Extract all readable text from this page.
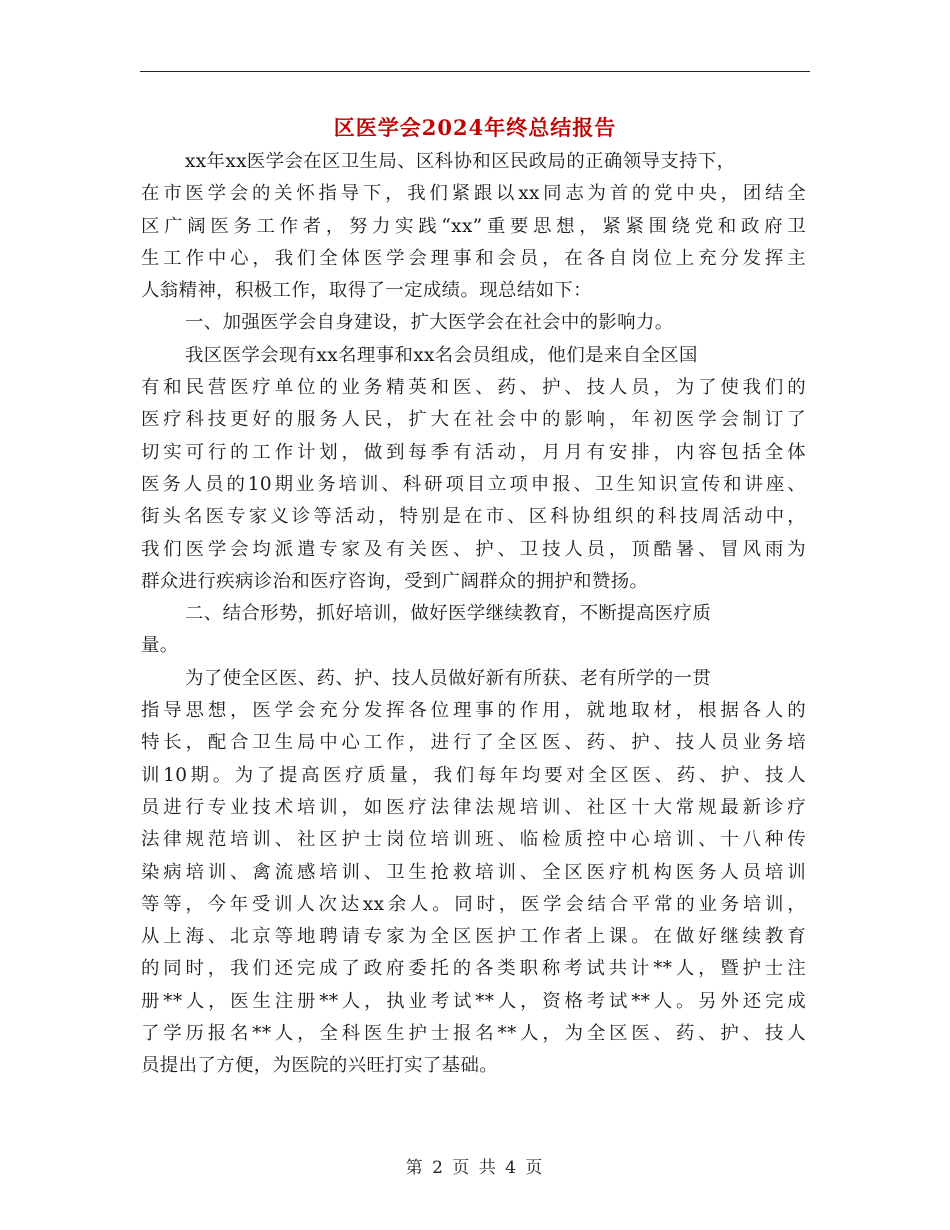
区医学会2024年终总结报告
xx年xx医学会在区卫生局、区科协和区民政局的正确领导支持下，
在市医学会的关怀指导下，我们紧跟以xx同志为首的党中央，团结全
区广阔医务工作者，努力实践“xx”重要思想，紧紧围绕党和政府卫
生工作中心，我们全体医学会理事和会员，在各自岗位上充分发挥主
人翁精神，积极工作，取得了一定成绩。现总结如下：
一、加强医学会自身建设，扩大医学会在社会中的影响力。
我区医学会现有xx名理事和xx名会员组成，他们是来自全区国
有和民营医疗单位的业务精英和医、药、护、技人员，为了使我们的
医疗科技更好的服务人民，扩大在社会中的影响，年初医学会制订了
切实可行的工作计划，做到每季有活动，月月有安排，内容包括全体
医务人员的10期业务培训、科研项目立项申报、卫生知识宣传和讲座、
街头名医专家义诊等活动，特别是在市、区科协组织的科技周活动中，
我们医学会均派遣专家及有关医、护、卫技人员，顶酷暑、冒风雨为
群众进行疾病诊治和医疗咨询，受到广阔群众的拥护和赞扬。
二、结合形势，抓好培训，做好医学继续教育，不断提高医疗质
量。
为了使全区医、药、护、技人员做好新有所获、老有所学的一贯
指导思想，医学会充分发挥各位理事的作用，就地取材，根据各人的
特长，配合卫生局中心工作，进行了全区医、药、护、技人员业务培
训10期。为了提高医疗质量，我们每年均要对全区医、药、护、技人
员进行专业技术培训，如医疗法律法规培训、社区十大常规最新诊疗
法律规范培训、社区护士岗位培训班、临检质控中心培训、十八种传
染病培训、禽流感培训、卫生抢救培训、全区医疗机构医务人员培训
等等，今年受训人次达xx余人。同时，医学会结合平常的业务培训，
从上海、北京等地聘请专家为全区医护工作者上课。在做好继续教育
的同时，我们还完成了政府委托的各类职称考试共计**人，暨护士注
册**人，医生注册**人，执业考试**人，资格考试**人。另外还完成
了学历报名**人，全科医生护士报名**人，为全区医、药、护、技人
员提出了方便，为医院的兴旺打实了基础。
第 2 页 共 4 页
